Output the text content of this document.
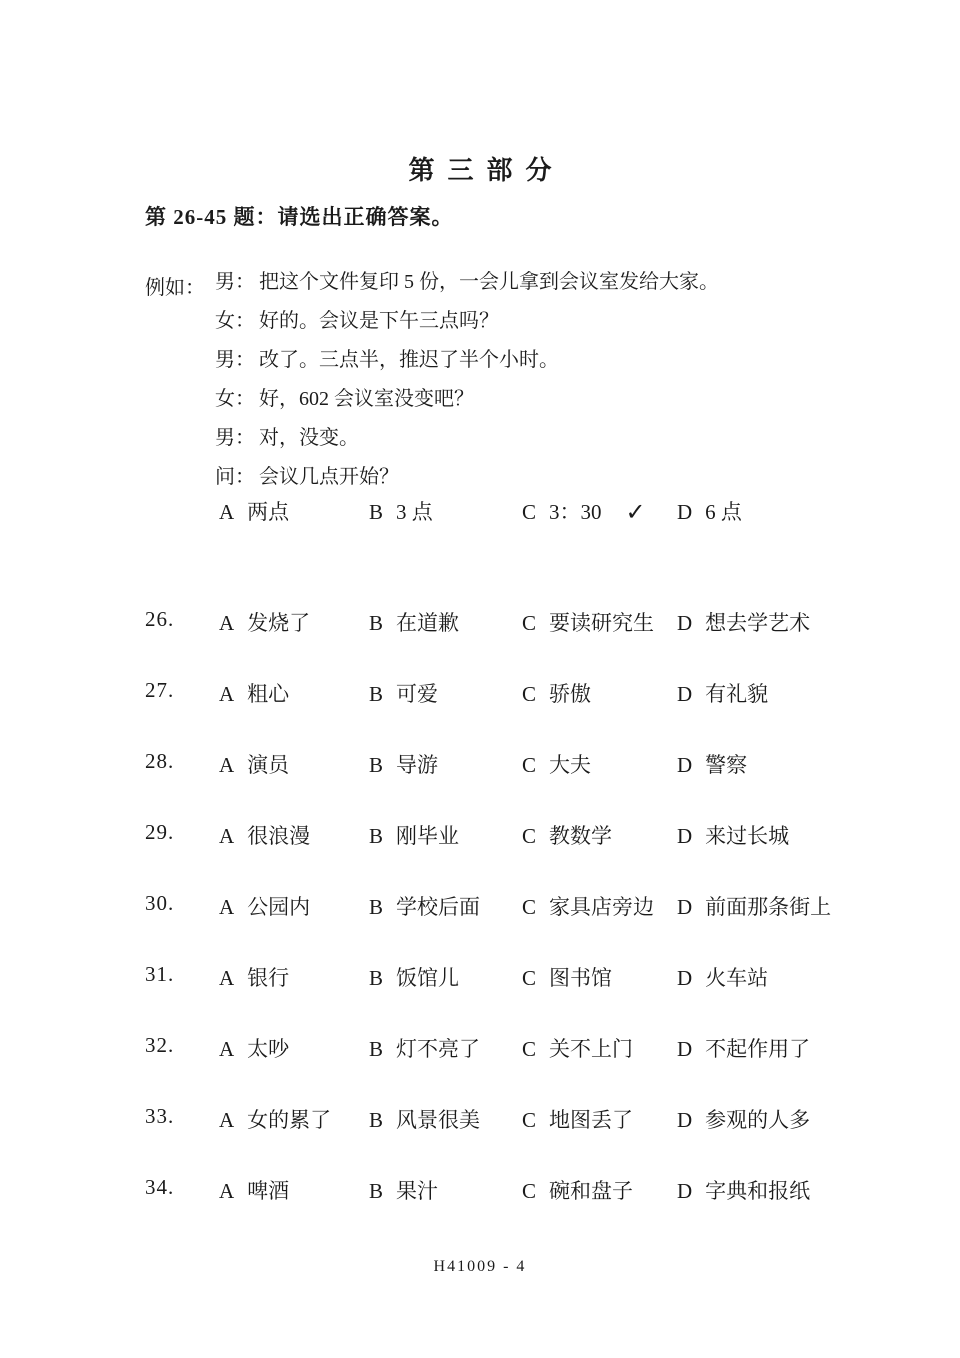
第三部分

第 26-45 题：请选出正确答案。

例如： 男： 把这个文件复印 5 份，一会儿拿到会议室发给大家。
女： 好的。会议是下午三点吗？
男： 改了。三点半，推迟了半个小时。
女： 好，602 会议室没变吧？
男： 对，没变。
问： 会议几点开始？
A 两点	B 3 点	C 3：30 ✓ D 6 点
26. A 发烧了	B 在道歉	C 要读研究生 D 想去学艺术
27. A 粗心	B 可爱	C 骄傲	D 有礼貌
28. A 演员	B 导游	C 大夫	D 警察
29. A 很浪漫	B 刚毕业	C 教数学	D 来过长城
30. A 公园内	B 学校后面 C 家具店旁边 D 前面那条街上
31. A 银行	B 饭馆儿	C 图书馆	D 火车站
32. A 太吵	B 灯不亮了 C 关不上门 D 不起作用了
33. A 女的累了 B 风景很美 C 地图丢了 D 参观的人多
34. A 啤酒	B 果汁	C 碗和盘子 D 字典和报纸
H41009 - 4
